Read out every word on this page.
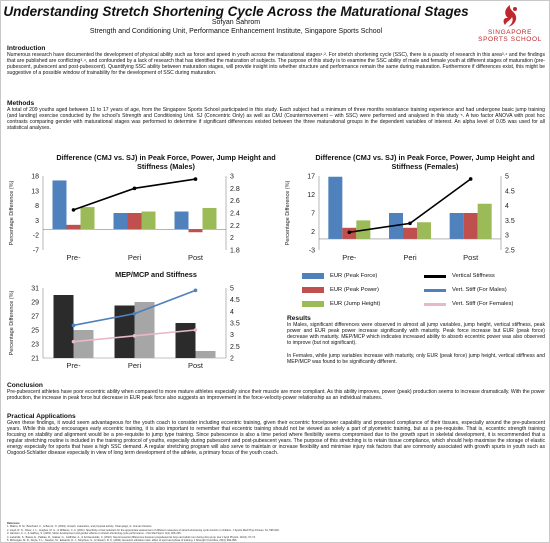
Understanding Stretch Shortening Cycle Across the Maturational Stages
Sofyan Sahrom
Strength and Conditioning Unit, Performance Enhancement Institute, Singapore Sports School	SINGAPORE
SPORTS SCHOOL
Introduction
Numerous research have documented the development of physical ability such as force and speed in youth across the maturational stages¹˒². For stretch shortening cycle (SSC), there is a paucity of research in this area³˒⁴ and the findings that are published are conflicting³˒⁴, and confounded by a lack of research that has identified the maturation of subjects. The purpose of this study is to examine the SSC ability of male and female youth at different stages of maturation (pre-pubescent, pubescent and post-pubescent). Quantifying SSC ability between maturation stages, will provide insight into whether structure and performance remain the same during maturation. Furthermore if differences exist, this might be suggestive of a possible window of trainability for the development of SSC during maturation.
Methods
A total of 209 youths aged between 11 to 17 years of age, from the Singapore Sports School participated in this study. Each subject had a minimum of three months resistance training experience and had undergone basic jump training (and landing) exercise conducted by the school's Strength and Conditioning Unit. SJ (Concentric Only) as well as CMJ (Countermovement – with SSC) were performed and analysed in this study ⁵. A two factor ANOVA with post hoc contrasts comparing gender with maturational stages was performed to determine if significant differences existed between the three maturational groups in the dependent variables of interest. An alpha level of 0.05 was used for all statistical analyses.
Difference (CMJ vs. SJ) in Peak Force, Power, Jump Height and Stiffness (Males)
18
13
8
3
-2
-7
3
2.8
2.6
2.4
2.2
2
1.8
Percentage Difference (%)
Pre-	Peri	Post
Difference (CMJ vs. SJ) in Peak Force, Power, Jump Height and Stiffness (Females)
17
12
7
2
-3
5
4.5
4
3.5
3
2.5
Percentage Difference (%)
Pre-	Peri	Post
MEP/MCP and Stiffness
31
29
27
25
23
21
5
4.5
4
3.5
3
2.5
2
Percentage Difference (%)
Pre-	Peri	Post
EUR (Peak Force)
EUR (Peak Power)
EUR (Jump Height)
Vertical Stiffness
Vert. Stiff (For Males)
Vert. Stiff (For Females)
Results
In Males, significant differences were observed in almost all jump variables, jump height, vertical stiffness, peak power and EUR peak power increase significantly with maturity. Peak force increase but EUR (peak force) decrease with maturity. MEP/MCP which indicates increased ability to absorb eccentric power was also observed to improve (but not significant).
In Females, while jump variables increase with maturity, only EUR (peak force) jump height, vertical stiffness and MEP/MCP was found to be significantly different.
Conclusion
Pre-pubescent athletes have poor eccentric ability when compared to more mature athletes especially since their muscle are more compliant. As this ability improves, power (peak) production seems to increase dramatically. With the power production, the increase in peak force but decrease in EUR peak force also suggests an improvement in the force-velocity-power relationship as an individual matures.
Practical Applications
Given these findings, it would seem advantageous for the youth coach to consider including eccentric training, given their eccentric force/power capability and proposed compliance of their tissues, especially around the pre-pubescent years. While this study encourages early eccentric training, it is also important to remember that eccentric training should not be viewed as solely a part of plyometric training, but as a pre-requisite. That is, eccentric strength training focusing on stability and alignment would be a pre-requisite to jump type training. Since pubescence is also a time period where flexibility seems compromised due to the growth spurt in skeletal development, it is recommended that a regular stretching routine is included in the training protocol of youths, especially during pubescent and post-pubescent years. The purpose of this stretching is to retain tissue compliance, which should help maximise the storage of elastic energy especially for sports that have a high SSC demand. A regular stretching program will also serve to maintain or increase flexibility and minimise injury risk factors that are commonly associated with growth spurts in youth such as Osgood-Schlatter disease especially in view of long term development of the athlete, a primary focus of the youth coach.
Reference
1. Malina, R. M., Bouchard, C., & Bar-Or, O. (2004). Growth, maturation, and physical activity. Champaign, IL: Human Kinetics.
2. Lloyd, R. S., Oliver, J. L., Hughes, M. G., & Williams, C. A. (2011). Specificity of test selection for the appropriate assessment of different measures of stretch-shortening cycle function in children. J Sports Med Phys Fitness, 51, 595-602.
3. Harrison, A. J., & Gaffney, S. (2001). Motor development and gender effects on stretch-shortening cycle performance. J Sci Med Sport, 4(4), 406-415.
4. Lazaridis, S., Bassa, E., Patikas, D., Giakas, G., Gollhofer, A., & Kotzamanidis, C. (2010). Neuromuscular differences between prepubescents boys and adult men during drop jump. Eur J Appl Physiol, 110(1), 67-74.
5. McGuigan, M. R., Doyle, T. L., Newton, M., Edwards, D. J., Nimphius, S., & Newton, R. U. (2006). Eccentric utilization ratio: effect of sport and phase of training. J Strength Cond Res, 20(4), 992-995.
